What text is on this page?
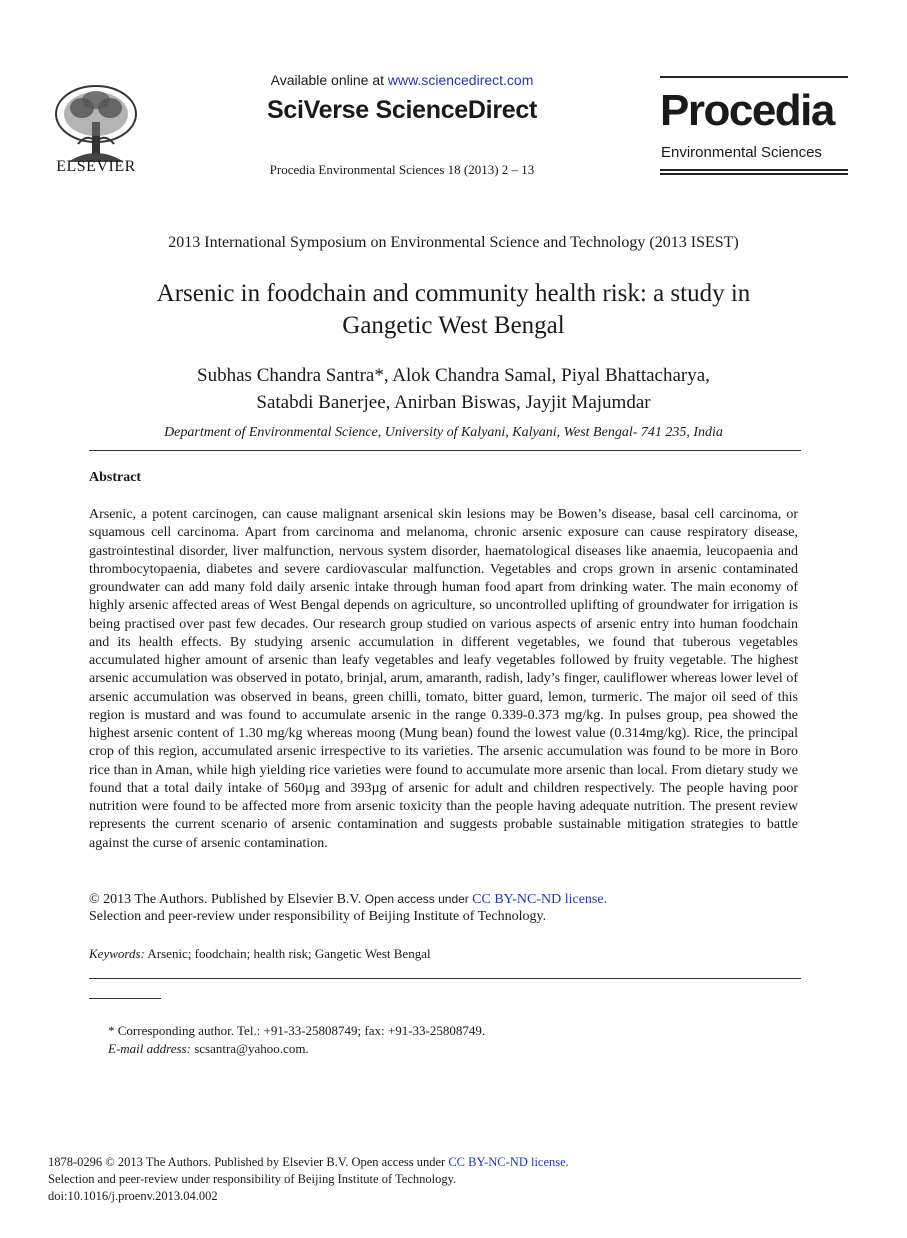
ELSEVIER
Available online at www.sciencedirect.com
SciVerse ScienceDirect
Procedia Environmental Sciences 18 (2013) 2 – 13
Procedia
Environmental Sciences
2013 International Symposium on Environmental Science and Technology (2013 ISEST)
Arsenic in foodchain and community health risk: a study in
Gangetic West Bengal
Subhas Chandra Santra*, Alok Chandra Samal, Piyal Bhattacharya,
Satabdi Banerjee, Anirban Biswas, Jayjit Majumdar
Department of Environmental Science, University of Kalyani, Kalyani, West Bengal- 741 235, India
Abstract
Arsenic, a potent carcinogen, can cause malignant arsenical skin lesions may be Bowen’s disease, basal cell carcinoma, or squamous cell carcinoma. Apart from carcinoma and melanoma, chronic arsenic exposure can cause respiratory disease, gastrointestinal disorder, liver malfunction, nervous system disorder, haematological diseases like anaemia, leucopaenia and thrombocytopaenia, diabetes and severe cardiovascular malfunction. Vegetables and crops grown in arsenic contaminated groundwater can add many fold daily arsenic intake through human food apart from drinking water. The main economy of highly arsenic affected areas of West Bengal depends on agriculture, so uncontrolled uplifting of groundwater for irrigation is being practised over past few decades. Our research group studied on various aspects of arsenic entry into human foodchain and its health effects. By studying arsenic accumulation in different vegetables, we found that tuberous vegetables accumulated higher amount of arsenic than leafy vegetables and leafy vegetables followed by fruity vegetable. The highest arsenic accumulation was observed in potato, brinjal, arum, amaranth, radish, lady’s finger, cauliflower whereas lower level of arsenic accumulation was observed in beans, green chilli, tomato, bitter guard, lemon, turmeric. The major oil seed of this region is mustard and was found to accumulate arsenic in the range 0.339-0.373 mg/kg. In pulses group, pea showed the highest arsenic content of 1.30 mg/kg whereas moong (Mung bean) found the lowest value (0.314mg/kg). Rice, the principal crop of this region, accumulated arsenic irrespective to its varieties. The arsenic accumulation was found to be more in Boro rice than in Aman, while high yielding rice varieties were found to accumulate more arsenic than local. From dietary study we found that a total daily intake of 560µg and 393µg of arsenic for adult and children respectively. The people having poor nutrition were found to be affected more from arsenic toxicity than the people having adequate nutrition. The present review represents the current scenario of arsenic contamination and suggests probable sustainable mitigation strategies to battle against the curse of arsenic contamination.
© 2013 The Authors. Published by Elsevier B.V. Open access under CC BY-NC-ND license.
Selection and peer-review under responsibility of Beijing Institute of Technology.
Keywords: Arsenic; foodchain; health risk; Gangetic West Bengal
* Corresponding author. Tel.: +91-33-25808749; fax: +91-33-25808749.
E-mail address: scsantra@yahoo.com.
1878-0296 © 2013 The Authors. Published by Elsevier B.V. Open access under CC BY-NC-ND license.
Selection and peer-review under responsibility of Beijing Institute of Technology.
doi:10.1016/j.proenv.2013.04.002
